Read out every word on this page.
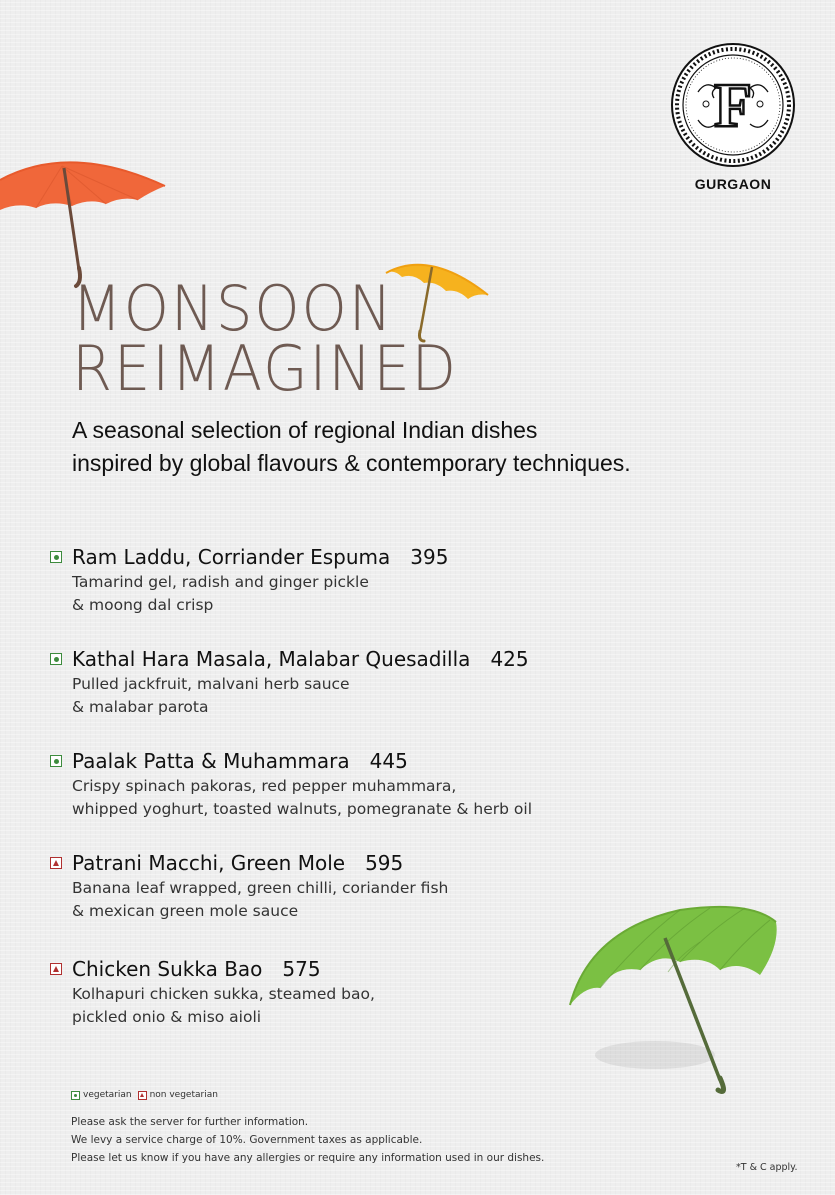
F
GURGAON
MONSOON
REIMAGINED
A seasonal selection of regional Indian dishes
inspired by global flavours & contemporary techniques.
Ram Laddu, Corriander Espuma 395
Tamarind gel, radish and ginger pickle
& moong dal crisp
Kathal Hara Masala, Malabar Quesadilla 425
Pulled jackfruit, malvani herb sauce
& malabar parota
Paalak Patta & Muhammara 445
Crispy spinach pakoras, red pepper muhammara,
whipped yoghurt, toasted walnuts, pomegranate & herb oil
Patrani Macchi, Green Mole 595
Banana leaf wrapped, green chilli, coriander fish
& mexican green mole sauce
Chicken Sukka Bao 575
Kolhapuri chicken sukka, steamed bao,
pickled onio & miso aioli
vegetarian non vegetarian
Please ask the server for further information.
We levy a service charge of 10%. Government taxes as applicable.
Please let us know if you have any allergies or require any information used in our dishes.
*T & C apply.
